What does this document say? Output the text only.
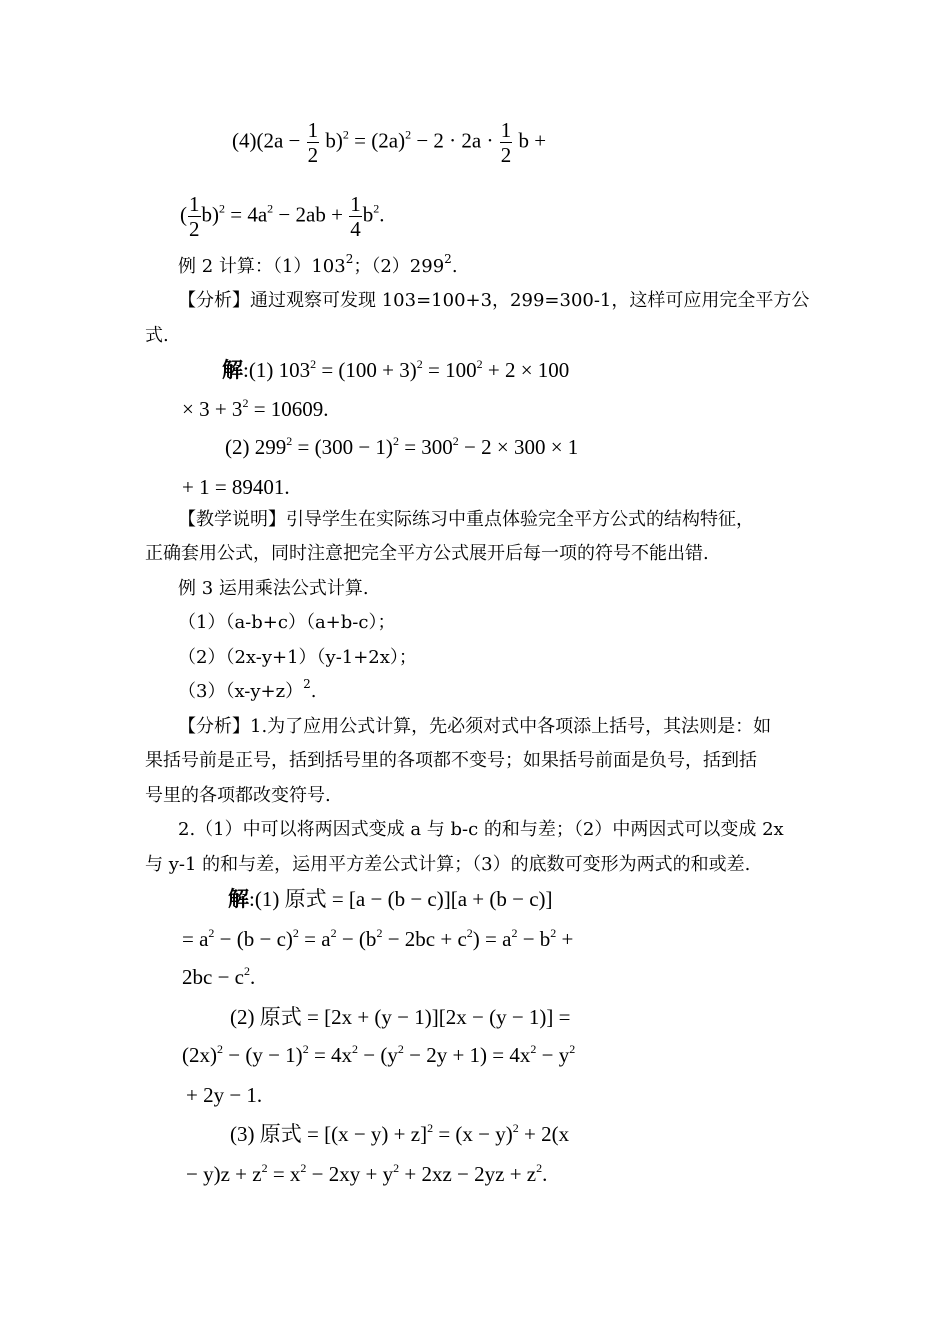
$(4)(2a - \frac{1}{2} b)^2 = (2a)^2 - 2 \cdot 2a \cdot \frac{1}{2}$ b +
( $\frac{1}{2} b)^2 = 4a^2 - 2ab + \frac{1}{4} b^2$.
例 2 计算：$(1)103^2$；$(2)299^2$.
【分析】通过观察可发现 103=100+3，299=300-1，这样可应用完全平方公
式.
解:(1) $103^2 = (100 + 3)^2 = 100^2 + 2 \times 100$
× $3 + 3^2 = 10609$.
(2) $299^2 = (300 - 1)^2 = 300^2 - 2 \times 300 \times 1$
+ 1 = 89401.
【教学说明】引导学生在实际练习中重点体验完全平方公式的结构特征，
正确套用公式，同时注意把完全平方公式展开后每一项的符号不能出错.
例 3 运用乘法公式计算.
（1）（a-b+c）（a+b-c）；
（2）（2x-y+1）（y-1+2x）；
$(3)(x-y+z)^2$.
【分析】1.为了应用公式计算，先必须对式中各项添上括号，其法则是：如
果括号前是正号，括到括号里的各项都不变号；如果括号前面是负号，括到括
号里的各项都改变符号.
2.（1）中可以将两因式变成 a 与 b-c 的和与差；（2）中两因式可以变成 2x
与 y-1 的和与差，运用平方差公式计算；（3）的底数可变形为两式的和或差.
解:(1) 原式 = [a − (b − c)][a + (b − c)]
= $a^2 - (b - c)^2 = a^2 - (b^2 - 2bc + c^2) = a^2 - b^2$ +
$2bc - c^2$.
(2) 原式 = [2x + (y − 1)][2x − (y − 1)] =
$(2x)^2 - (y - 1)^2 = 4x^2 - (y^2 - 2y + 1) = 4x^2 - y^2$
+ 2y − 1.
(3) 原式 = $[(x - y) + z]^2 = (x - y)^2 + 2(x$
− $y)z + z^2 = x^2 - 2xy + y^2 + 2xz - 2yz + z^2$.
